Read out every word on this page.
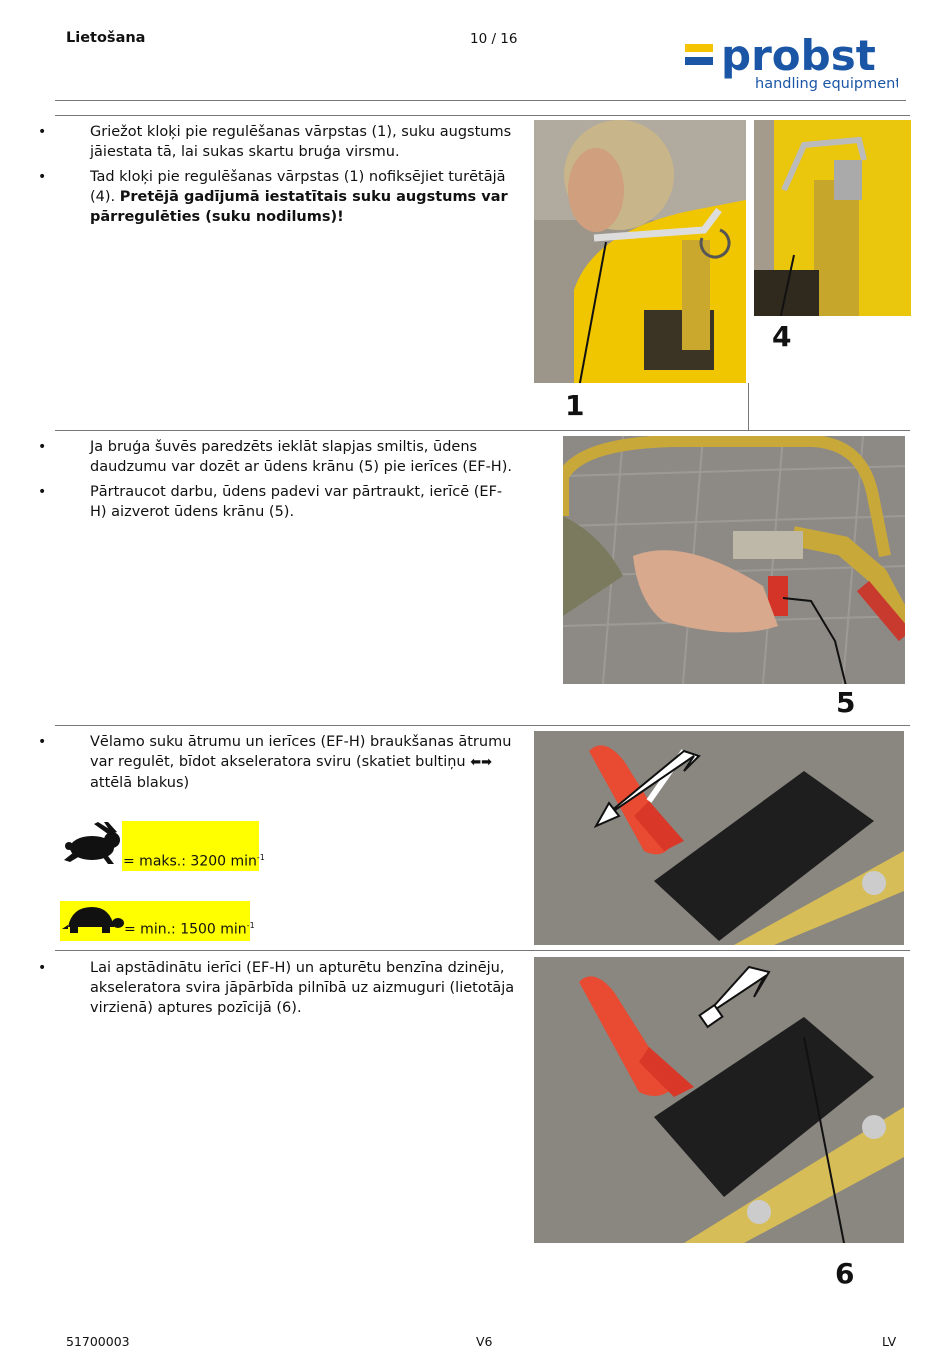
Lietošana	10 / 16	probst
handling equipment
• Griežot kloķi pie regulēšanas vārpstas (1), suku augstums jāiestata tā, lai sukas skartu bruģa virsmu.
• Tad kloķi pie regulēšanas vārpstas (1) nofiksējiet turētājā (4). Pretējā gadījumā iestatītais suku augstums var pārregulēties (suku nodilums)!
1
4
• Ja bruģa šuvēs paredzēts ieklāt slapjas smiltis, ūdens daudzumu var dozēt ar ūdens krānu (5) pie ierīces (EF-H).
• Pārtraucot darbu, ūdens padevi var pārtraukt, ierīcē (EF-H) aizverot ūdens krānu (5).
5
• Vēlamo suku ātrumu un ierīces (EF-H) braukšanas ātrumu var regulēt, bīdot akseleratora sviru (skatiet bultiņu ⬅➡ attēlā blakus)
= maks.: 3200 $\min^{-1}$
= min.: 1500 $\min^{-1}$
• Lai apstādinātu ierīci (EF-H) un apturētu benzīna dzinēju, akseleratora svira jāpārbīda pilnībā uz aizmuguri (lietotāja virzienā) aptures pozīcijā (6).
6
51700003	V6	LV
